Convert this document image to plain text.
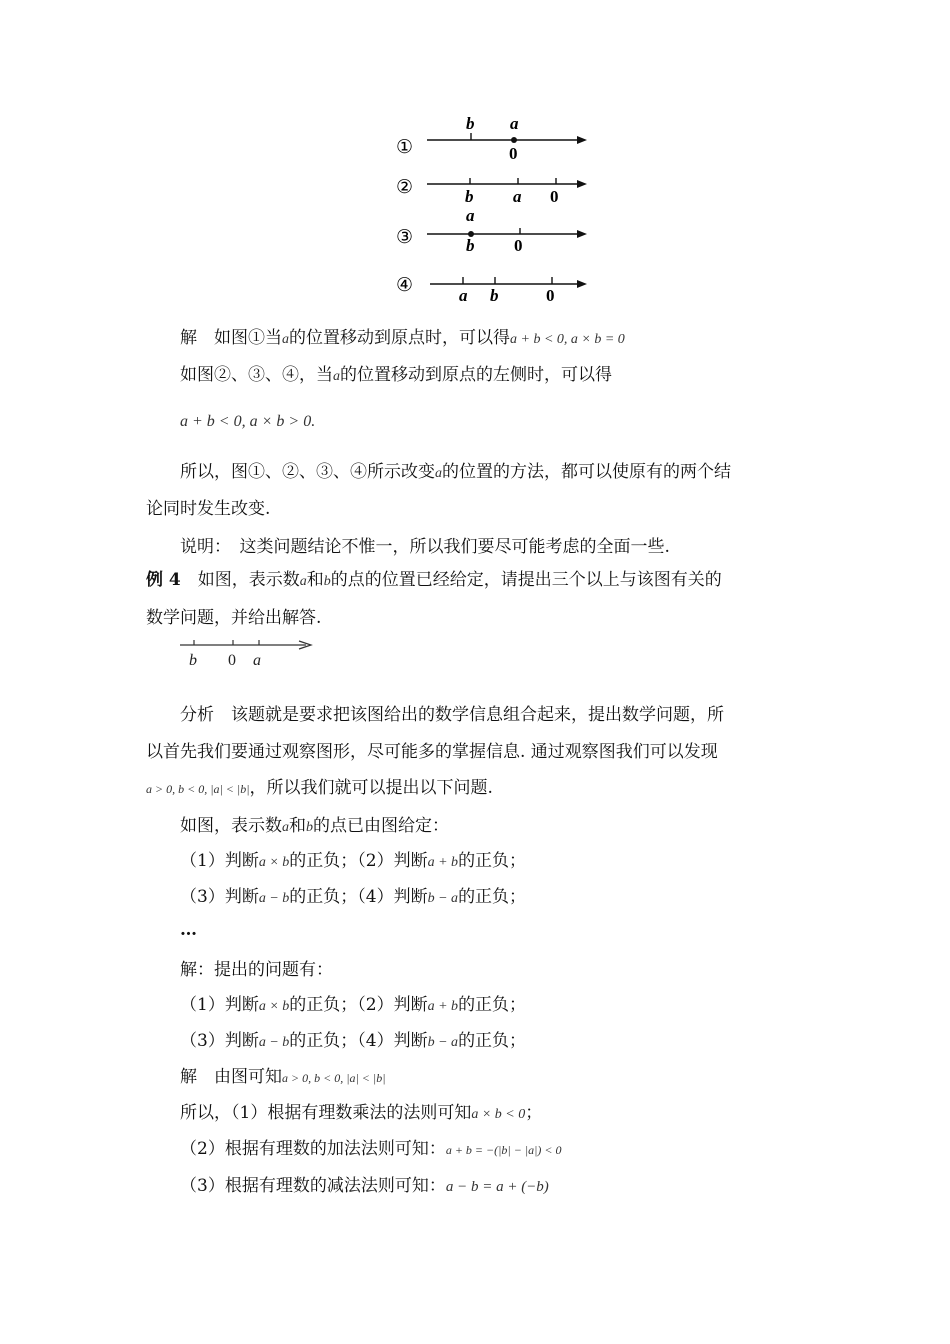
①
b a
0
②	b a 0
③
a
b 0
④	a b	0
解　如图①当a的位置移动到原点时，可以得a + b < 0, a × b = 0
如图②、③、④，当a的位置移动到原点的左侧时，可以得
a + b < 0, a × b > 0.
所以，图①、②、③、④所示改变a的位置的方法，都可以使原有的两个结
论同时发生改变.
说明：　这类问题结论不惟一，所以我们要尽可能考虑的全面一些.
例 4　如图，表示数a和b的点的位置已经给定，请提出三个以上与该图有关的
数学问题，并给出解答.
b 0 a
分析　该题就是要求把该图给出的数学信息组合起来，提出数学问题，所
以首先我们要通过观察图形，尽可能多的掌握信息. 通过观察图我们可以发现
a > 0, b < 0, |a| < |b|，所以我们就可以提出以下问题.
如图，表示数a和b的点已由图给定：
（1）判断a × b的正负；（2）判断a + b的正负；
（3）判断a − b的正负；（4）判断b − a的正负；
…
解：提出的问题有：
（1）判断a × b的正负；（2）判断a + b的正负；
（3）判断a − b的正负；（4）判断b − a的正负；
解　由图可知a > 0, b < 0, |a| < |b|
所以，（1）根据有理数乘法的法则可知a × b < 0；
（2）根据有理数的加法法则可知：a + b = −(|b| − |a|) < 0
（3）根据有理数的减法法则可知：a − b = a + (−b)
